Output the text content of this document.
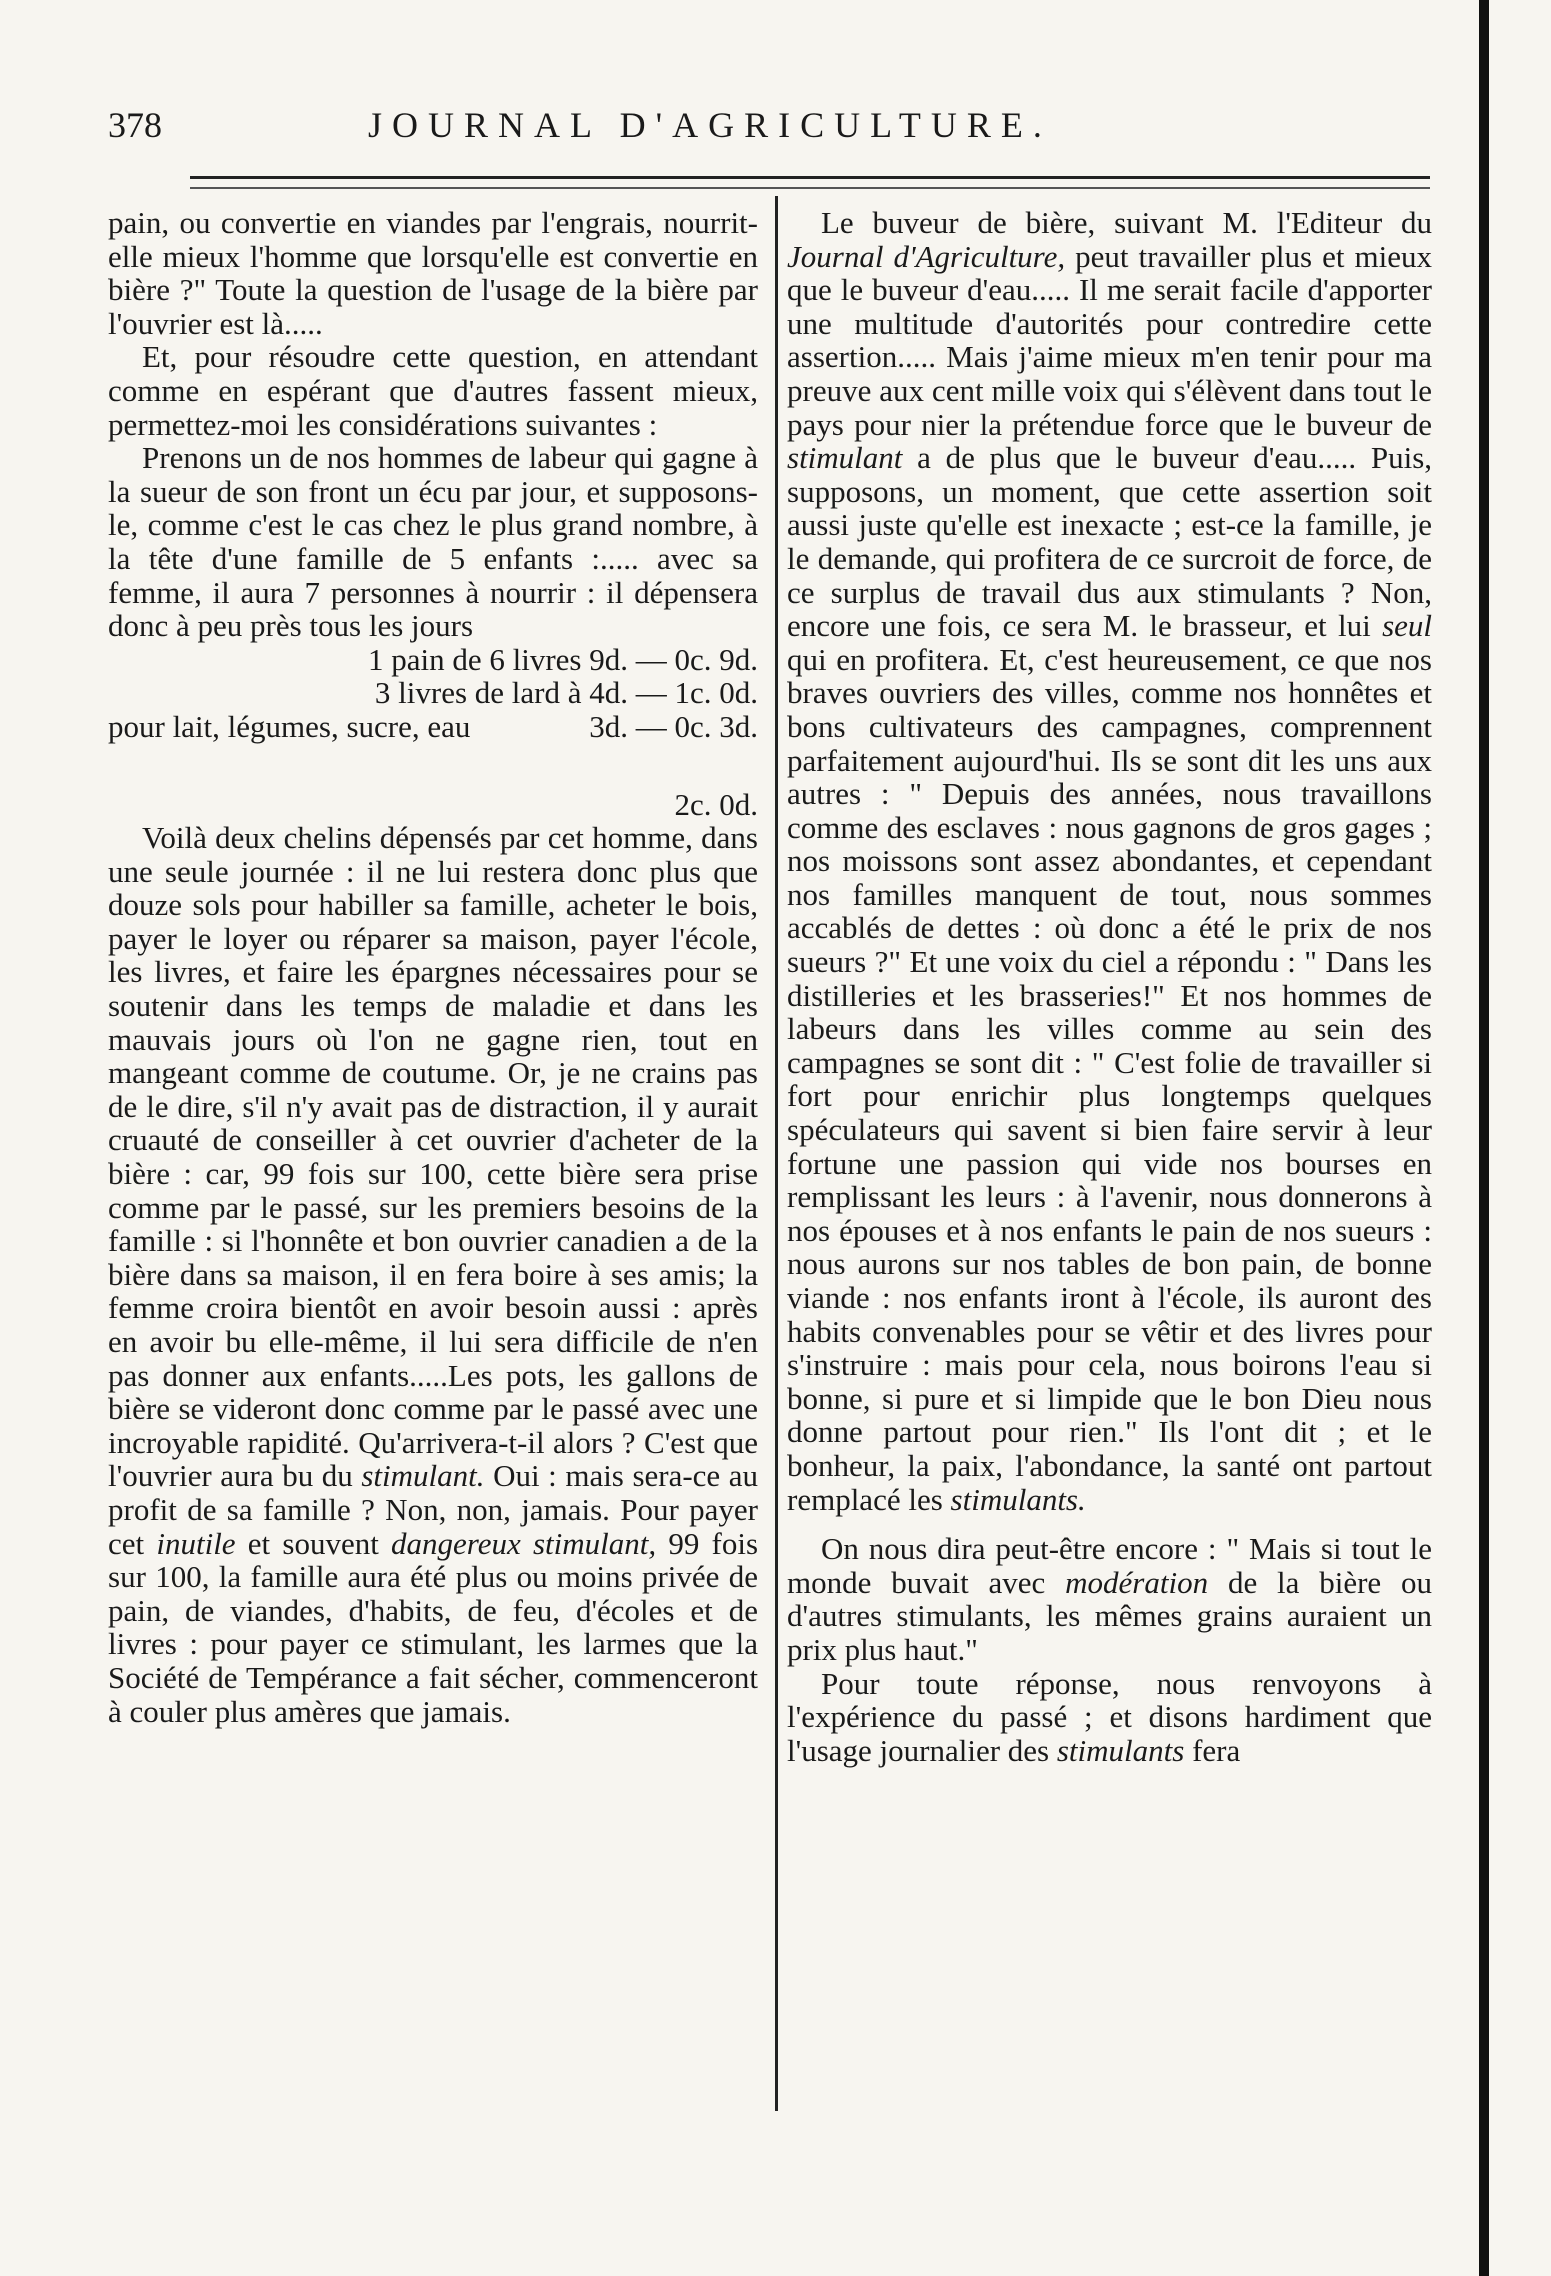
378	JOURNAL D'AGRICULTURE.

pain, ou convertie en viandes par l'engrais, nourrit-elle mieux l'homme que lorsqu'elle est convertie en bière ?" Toute la question de l'usage de la bière par l'ouvrier est là.....

Et, pour résoudre cette question, en attendant comme en espérant que d'autres fassent mieux, permettez-moi les considérations suivantes :

Prenons un de nos hommes de labeur qui gagne à la sueur de son front un écu par jour, et supposons-le, comme c'est le cas chez le plus grand nombre, à la tête d'une famille de 5 enfants :..... avec sa femme, il aura 7 personnes à nourrir : il dépensera donc à peu près tous les jours

1 pain de 6 livres 9d. — 0c. 9d.
3 livres de lard à 4d. — 1c. 0d.
pour lait, légumes, sucre, eau	3d. — 0c. 3d.

2c. 0d.

Voilà deux chelins dépensés par cet homme, dans une seule journée : il ne lui restera donc plus que douze sols pour habiller sa famille, acheter le bois, payer le loyer ou réparer sa maison, payer l'école, les livres, et faire les épargnes nécessaires pour se soutenir dans les temps de maladie et dans les mauvais jours où l'on ne gagne rien, tout en mangeant comme de coutume. Or, je ne crains pas de le dire, s'il n'y avait pas de distraction, il y aurait cruauté de conseiller à cet ouvrier d'acheter de la bière : car, 99 fois sur 100, cette bière sera prise comme par le passé, sur les premiers besoins de la famille : si l'honnête et bon ouvrier canadien a de la bière dans sa maison, il en fera boire à ses amis; la femme croira bientôt en avoir besoin aussi : après en avoir bu elle-même, il lui sera difficile de n'en pas donner aux enfants.....Les pots, les gallons de bière se videront donc comme par le passé avec une incroyable rapidité. Qu'arrivera-t-il alors ? C'est que l'ouvrier aura bu du stimulant. Oui : mais sera-ce au profit de sa famille ? Non, non, jamais. Pour payer cet inutile et souvent dangereux stimulant, 99 fois sur 100, la famille aura été plus ou moins privée de pain, de viandes, d'habits, de feu, d'écoles et de livres : pour payer ce stimulant, les larmes que la Société de Tempérance a fait sécher, commenceront à couler plus amères que jamais.

Le buveur de bière, suivant M. l'Editeur du Journal d'Agriculture, peut travailler plus et mieux que le buveur d'eau..... Il me serait facile d'apporter une multitude d'autorités pour contredire cette assertion..... Mais j'aime mieux m'en tenir pour ma preuve aux cent mille voix qui s'élèvent dans tout le pays pour nier la prétendue force que le buveur de stimulant a de plus que le buveur d'eau..... Puis, supposons, un moment, que cette assertion soit aussi juste qu'elle est inexacte ; est-ce la famille, je le demande, qui profitera de ce surcroit de force, de ce surplus de travail dus aux stimulants ? Non, encore une fois, ce sera M. le brasseur, et lui seul qui en profitera. Et, c'est heureusement, ce que nos braves ouvriers des villes, comme nos honnêtes et bons cultivateurs des campagnes, comprennent parfaitement aujourd'hui. Ils se sont dit les uns aux autres : " Depuis des années, nous travaillons comme des esclaves : nous gagnons de gros gages ; nos moissons sont assez abondantes, et cependant nos familles manquent de tout, nous sommes accablés de dettes : où donc a été le prix de nos sueurs ?" Et une voix du ciel a répondu : " Dans les distilleries et les brasseries!" Et nos hommes de labeurs dans les villes comme au sein des campagnes se sont dit : " C'est folie de travailler si fort pour enrichir plus longtemps quelques spéculateurs qui savent si bien faire servir à leur fortune une passion qui vide nos bourses en remplissant les leurs : à l'avenir, nous donnerons à nos épouses et à nos enfants le pain de nos sueurs : nous aurons sur nos tables de bon pain, de bonne viande : nos enfants iront à l'école, ils auront des habits convenables pour se vêtir et des livres pour s'instruire : mais pour cela, nous boirons l'eau si bonne, si pure et si limpide que le bon Dieu nous donne partout pour rien." Ils l'ont dit ; et le bonheur, la paix, l'abondance, la santé ont partout remplacé les stimulants.

On nous dira peut-être encore : " Mais si tout le monde buvait avec modération de la bière ou d'autres stimulants, les mêmes grains auraient un prix plus haut."

Pour toute réponse, nous renvoyons à l'expérience du passé ; et disons hardiment que l'usage journalier des stimulants fera
